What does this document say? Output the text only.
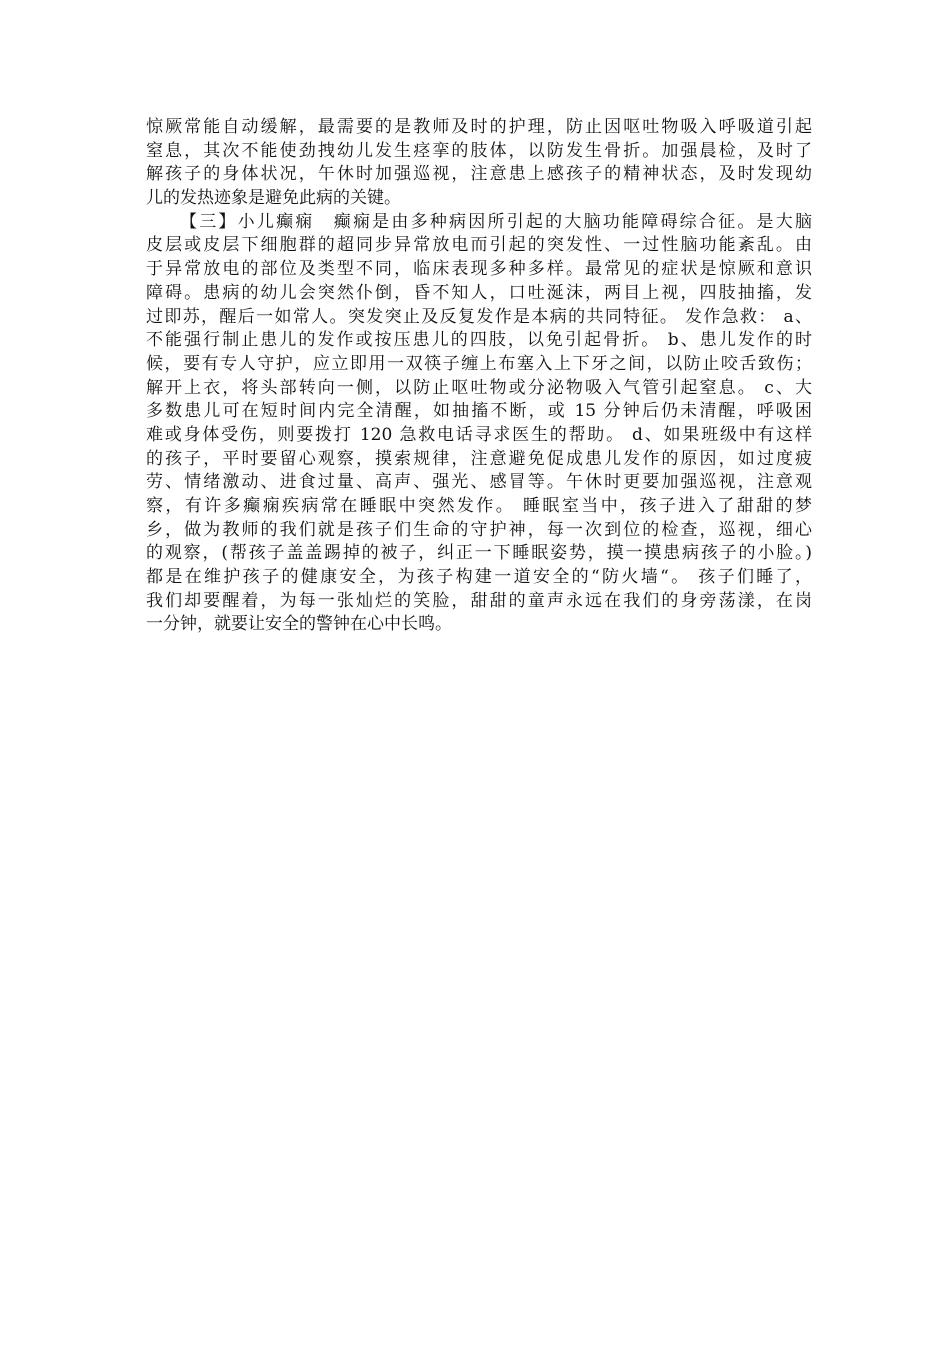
惊厥常能自动缓解，最需要的是教师及时的护理，防止因呕吐物吸入呼吸道引起
窒息，其次不能使劲拽幼儿发生痉挛的肢体，以防发生骨折。加强晨检，及时了
解孩子的身体状况，午休时加强巡视，注意患上感孩子的精神状态，及时发现幼
儿的发热迹象是避免此病的关键。
【三】小儿癫痫　癫痫是由多种病因所引起的大脑功能障碍综合征。是大脑
皮层或皮层下细胞群的超同步异常放电而引起的突发性、一过性脑功能紊乱。由
于异常放电的部位及类型不同，临床表现多种多样。最常见的症状是惊厥和意识
障碍。患病的幼儿会突然仆倒，昏不知人，口吐涎沫，两目上视，四肢抽搐，发
过即苏，醒后一如常人。突发突止及反复发作是本病的共同特征。 发作急救： a、
不能强行制止患儿的发作或按压患儿的四肢，以免引起骨折。 b、患儿发作的时
候，要有专人守护，应立即用一双筷子缠上布塞入上下牙之间，以防止咬舌致伤；
解开上衣，将头部转向一侧，以防止呕吐物或分泌物吸入气管引起窒息。 c、大
多数患儿可在短时间内完全清醒，如抽搐不断，或 15 分钟后仍未清醒，呼吸困
难或身体受伤，则要拨打 120 急救电话寻求医生的帮助。 d、如果班级中有这样
的孩子，平时要留心观察，摸索规律，注意避免促成患儿发作的原因，如过度疲
劳、情绪激动、进食过量、高声、强光、感冒等。午休时更要加强巡视，注意观
察，有许多癫痫疾病常在睡眠中突然发作。 睡眠室当中，孩子进入了甜甜的梦
乡，做为教师的我们就是孩子们生命的守护神，每一次到位的检查，巡视，细心
的观察，(帮孩子盖盖踢掉的被子，纠正一下睡眠姿势，摸一摸患病孩子的小脸。)
都是在维护孩子的健康安全，为孩子构建一道安全的“防火墙“。 孩子们睡了，
我们却要醒着，为每一张灿烂的笑脸，甜甜的童声永远在我们的身旁荡漾，在岗
一分钟，就要让安全的警钟在心中长鸣。
